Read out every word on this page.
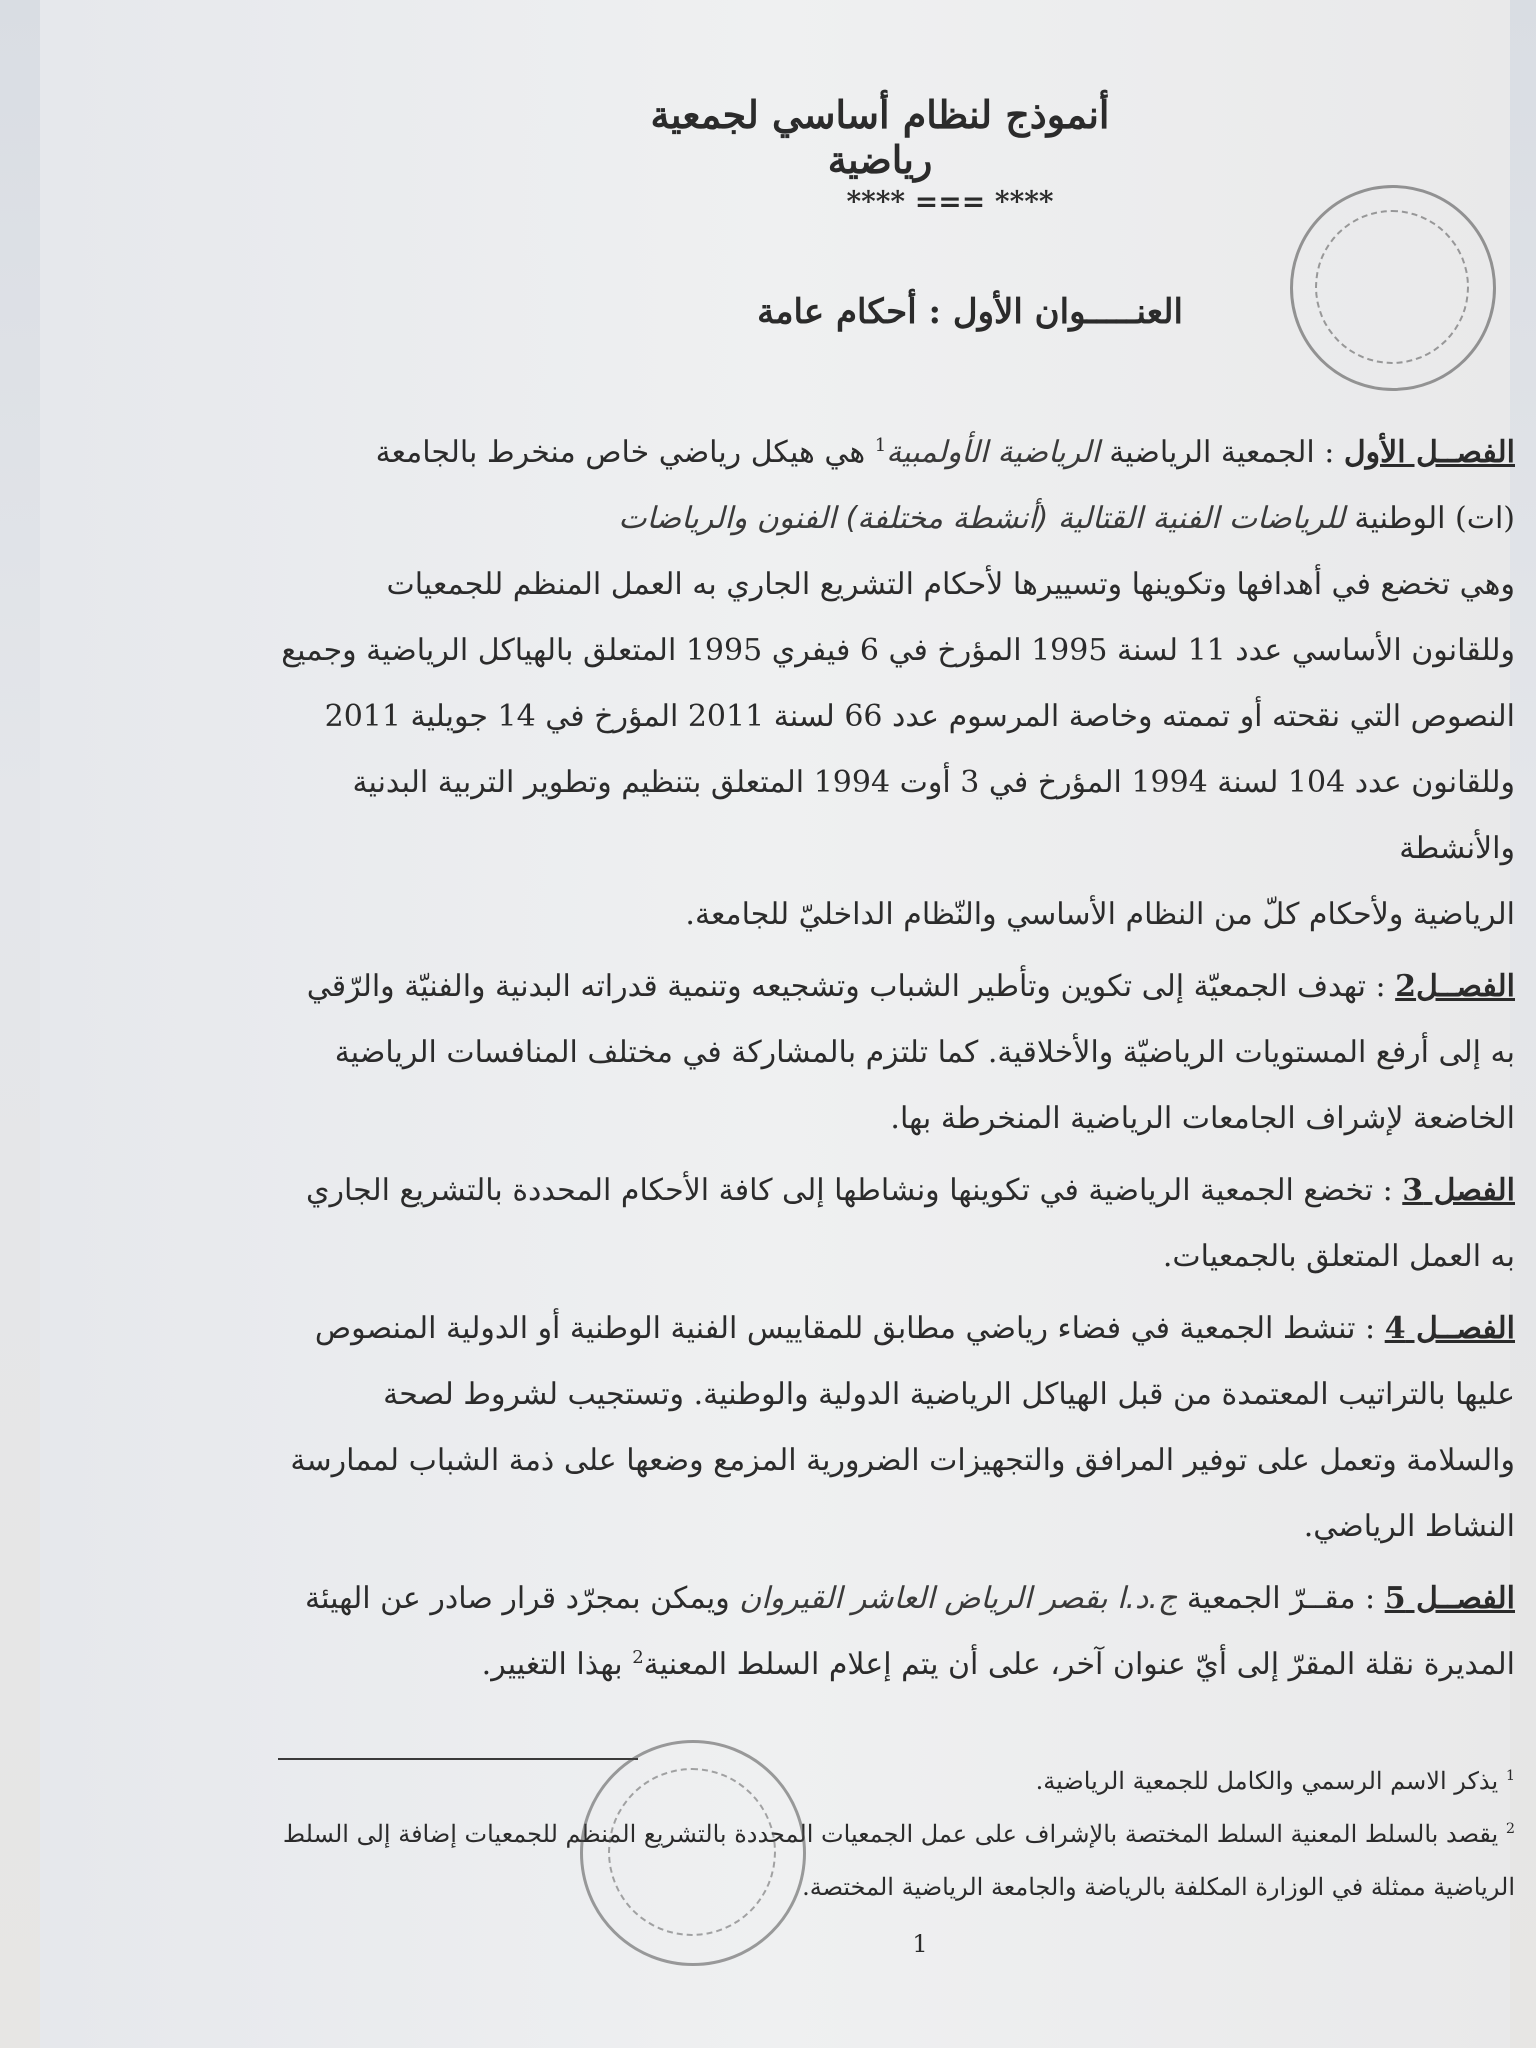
أنموذج لنظام أساسي لجمعية رياضية
**** === ****
العنـــــوان الأول : أحكام عامة

الفصــل الأول : الجمعية الرياضية الرياضية الأولمبية$^1$ هي هيكل رياضي خاص منخرط بالجامعة
(ات) الوطنية للرياضات الفنية القتالية (أنشطة مختلفة) الفنون والرياضات
وهي تخضع في أهدافها وتكوينها وتسييرها لأحكام التشريع الجاري به العمل المنظم للجمعيات
وللقانون الأساسي عدد 11 لسنة 1995 المؤرخ في 6 فيفري 1995 المتعلق بالهياكل الرياضية وجميع
النصوص التي نقحته أو تممته وخاصة المرسوم عدد 66 لسنة 2011 المؤرخ في 14 جويلية 2011
وللقانون عدد 104 لسنة 1994 المؤرخ في 3 أوت 1994 المتعلق بتنظيم وتطوير التربية البدنية والأنشطة
الرياضية ولأحكام كلّ من النظام الأساسي والنّظام الداخليّ للجامعة.

الفصــل2 : تهدف الجمعيّة إلى تكوين وتأطير الشباب وتشجيعه وتنمية قدراته البدنية والفنيّة والرّقي به إلى أرفع المستويات الرياضيّة والأخلاقية. كما تلتزم بالمشاركة في مختلف المنافسات الرياضية الخاضعة لإشراف الجامعات الرياضية المنخرطة بها.

الفصل 3 : تخضع الجمعية الرياضية في تكوينها ونشاطها إلى كافة الأحكام المحددة بالتشريع الجاري به العمل المتعلق بالجمعيات.

الفصــل 4 : تنشط الجمعية في فضاء رياضي مطابق للمقاييس الفنية الوطنية أو الدولية المنصوص عليها بالتراتيب المعتمدة من قبل الهياكل الرياضية الدولية والوطنية. وتستجيب لشروط لصحة والسلامة وتعمل على توفير المرافق والتجهيزات الضرورية المزمع وضعها على ذمة الشباب لممارسة النشاط الرياضي.

الفصــل 5 : مقــرّ الجمعية ج.د.ا بقصر الرياض العاشر القيروان ويمكن بمجرّد قرار صادر عن الهيئة المديرة نقلة المقرّ إلى أيّ عنوان آخر، على أن يتم إعلام السلط المعنية$^2$ بهذا التغيير.

$^1$ يذكر الاسم الرسمي والكامل للجمعية الرياضية.

$^2$ يقصد بالسلط المعنية السلط المختصة بالإشراف على عمل الجمعيات المحددة بالتشريع المنظم للجمعيات إضافة إلى السلط الرياضية ممثلة في الوزارة المكلفة بالرياضة والجامعة الرياضية المختصة.

1
